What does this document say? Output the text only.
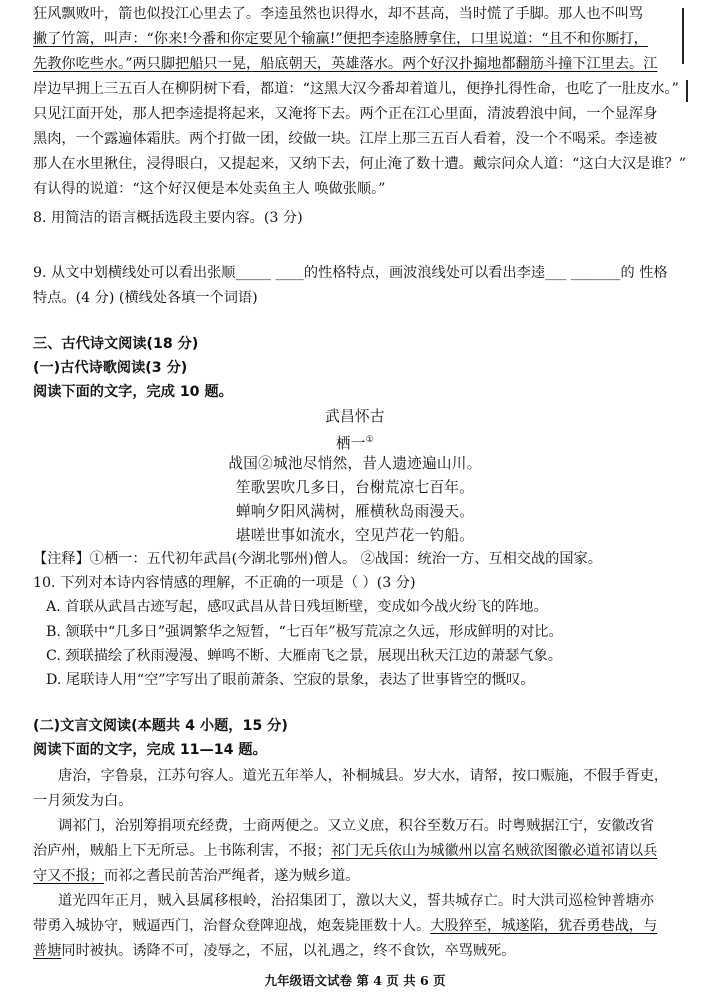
狂风飘败叶，箭也似投江心里去了。李逵虽然也识得水，却不甚高，当时慌了手脚。那人也不叫骂
撇了竹篙，叫声：“你来!今番和你定要见个输赢!”便把李逵胳膊拿住，口里说道：“且不和你厮打，
先教你吃些水。”两只脚把船只一晃，船底朝天，英雄落水。两个好汉扑搧地都翻筋斗撞下江里去。江
岸边早拥上三五百人在柳阴树下看，都道：“这黑大汉今番却着道儿，便挣扎得性命，也吃了一肚皮水。”
只见江面开处，那人把李逵提将起来，又淹将下去。两个正在江心里面，清波碧浪中间，一个显浑身
黑肉，一个露遍体霜肤。两个打做一团，绞做一块。江岸上那三五百人看着，没一个不喝采。李逵被
那人在水里揪住，浸得眼白，又提起来，又纳下去，何止淹了数十遭。戴宗问众人道：“这白大汉是谁？”
有认得的说道：“这个好汉便是本处卖鱼主人 唤做张顺。”
8. 用简洁的语言概括选段主要内容。(3 分)
9. 从文中划横线处可以看出张顺_____ ____的性格特点，画波浪线处可以看出李逵___ _______的 性格
特点。(4 分) (横线处各填一个词语)
三、古代诗文阅读(18 分)
(一)古代诗歌阅读(3 分)
阅读下面的文字，完成 10 题。
武昌怀古
栖一①
战国②城池尽悄然，昔人遗迹遍山川。
笙歌罢吹几多日，台榭荒凉七百年。
蝉响夕阳风满树，雁横秋岛雨漫天。
堪嗟世事如流水，空见芦花一钓船。
【注释】①栖一：五代初年武昌(今湖北鄂州)僧人。 ②战国：统治一方、互相交战的国家。
10. 下列对本诗内容情感的理解，不正确的一项是（ ）(3 分)
A. 首联从武昌古迹写起，感叹武昌从昔日残垣断壁，变成如今战火纷飞的阵地。
B. 颔联中“几多日”强调繁华之短暂，“七百年”极写荒凉之久远，形成鲜明的对比。
C. 颈联描绘了秋雨漫漫、蝉鸣不断、大雁南飞之景，展现出秋天江边的萧瑟气象。
D. 尾联诗人用“空”字写出了眼前萧条、空寂的景象，表达了世事皆空的慨叹。
(二)文言文阅读(本题共 4 小题，15 分)
阅读下面的文字，完成 11—14 题。
唐治，字鲁泉，江苏句容人。道光五年举人，补桐城县。岁大水，请帑，按口赈施，不假手胥吏，
一月须发为白。
调祁门，治别筹捐项充经费，士商两便之。又立义庶，积谷至数万石。时粤贼据江宁，安徽改省
治庐州，贼船上下无所忌。上书陈利害，不报；祁门无兵依山为城徽州以富名贼欲图徽必道祁请以兵
守又不报；而祁之耆民前苦治严绳者，遂为贼乡道。
道光四年正月，贼入县属移根岭，治招集团丁，激以大义，誓共城存亡。时大洪司巡检钟普塘亦
带勇入城协守，贼逼西门，治督众登陴迎战，炮轰毙匪数十人。大股猝至，城遂陷，犹吞勇巷战，与
普塘同时被执。诱降不可，凌辱之，不屈，以礼遇之，终不食饮，卒骂贼死。
九年级语文试卷 第 4 页 共 6 页
